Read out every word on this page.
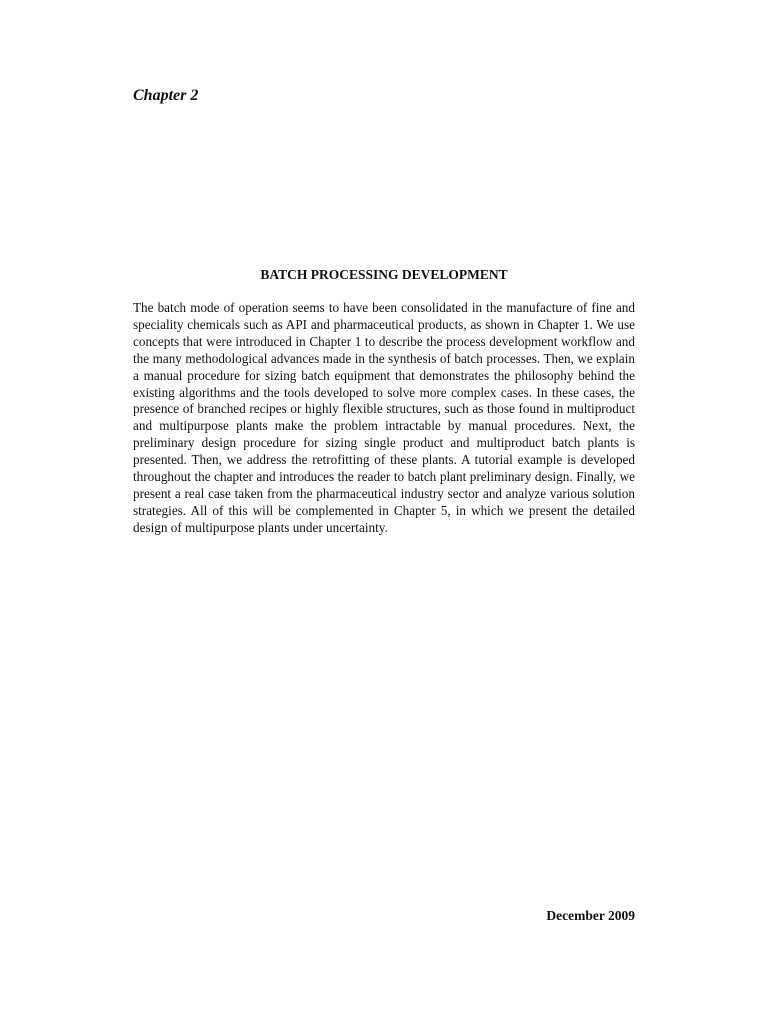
Chapter 2
BATCH PROCESSING DEVELOPMENT

The batch mode of operation seems to have been consolidated in the manufacture of fine and speciality chemicals such as API and pharmaceutical products, as shown in Chapter 1. We use concepts that were introduced in Chapter 1 to describe the process development workflow and the many methodological advances made in the synthesis of batch processes. Then, we explain a manual procedure for sizing batch equipment that demonstrates the philosophy behind the existing algorithms and the tools developed to solve more complex cases. In these cases, the presence of branched recipes or highly flexible structures, such as those found in multiproduct and multipurpose plants make the problem intractable by manual procedures. Next, the preliminary design procedure for sizing single product and multiproduct batch plants is presented. Then, we address the retrofitting of these plants. A tutorial example is developed throughout the chapter and introduces the reader to batch plant preliminary design. Finally, we present a real case taken from the pharmaceutical industry sector and analyze various solution strategies. All of this will be complemented in Chapter 5, in which we present the detailed design of multipurpose plants under uncertainty.

December 2009
